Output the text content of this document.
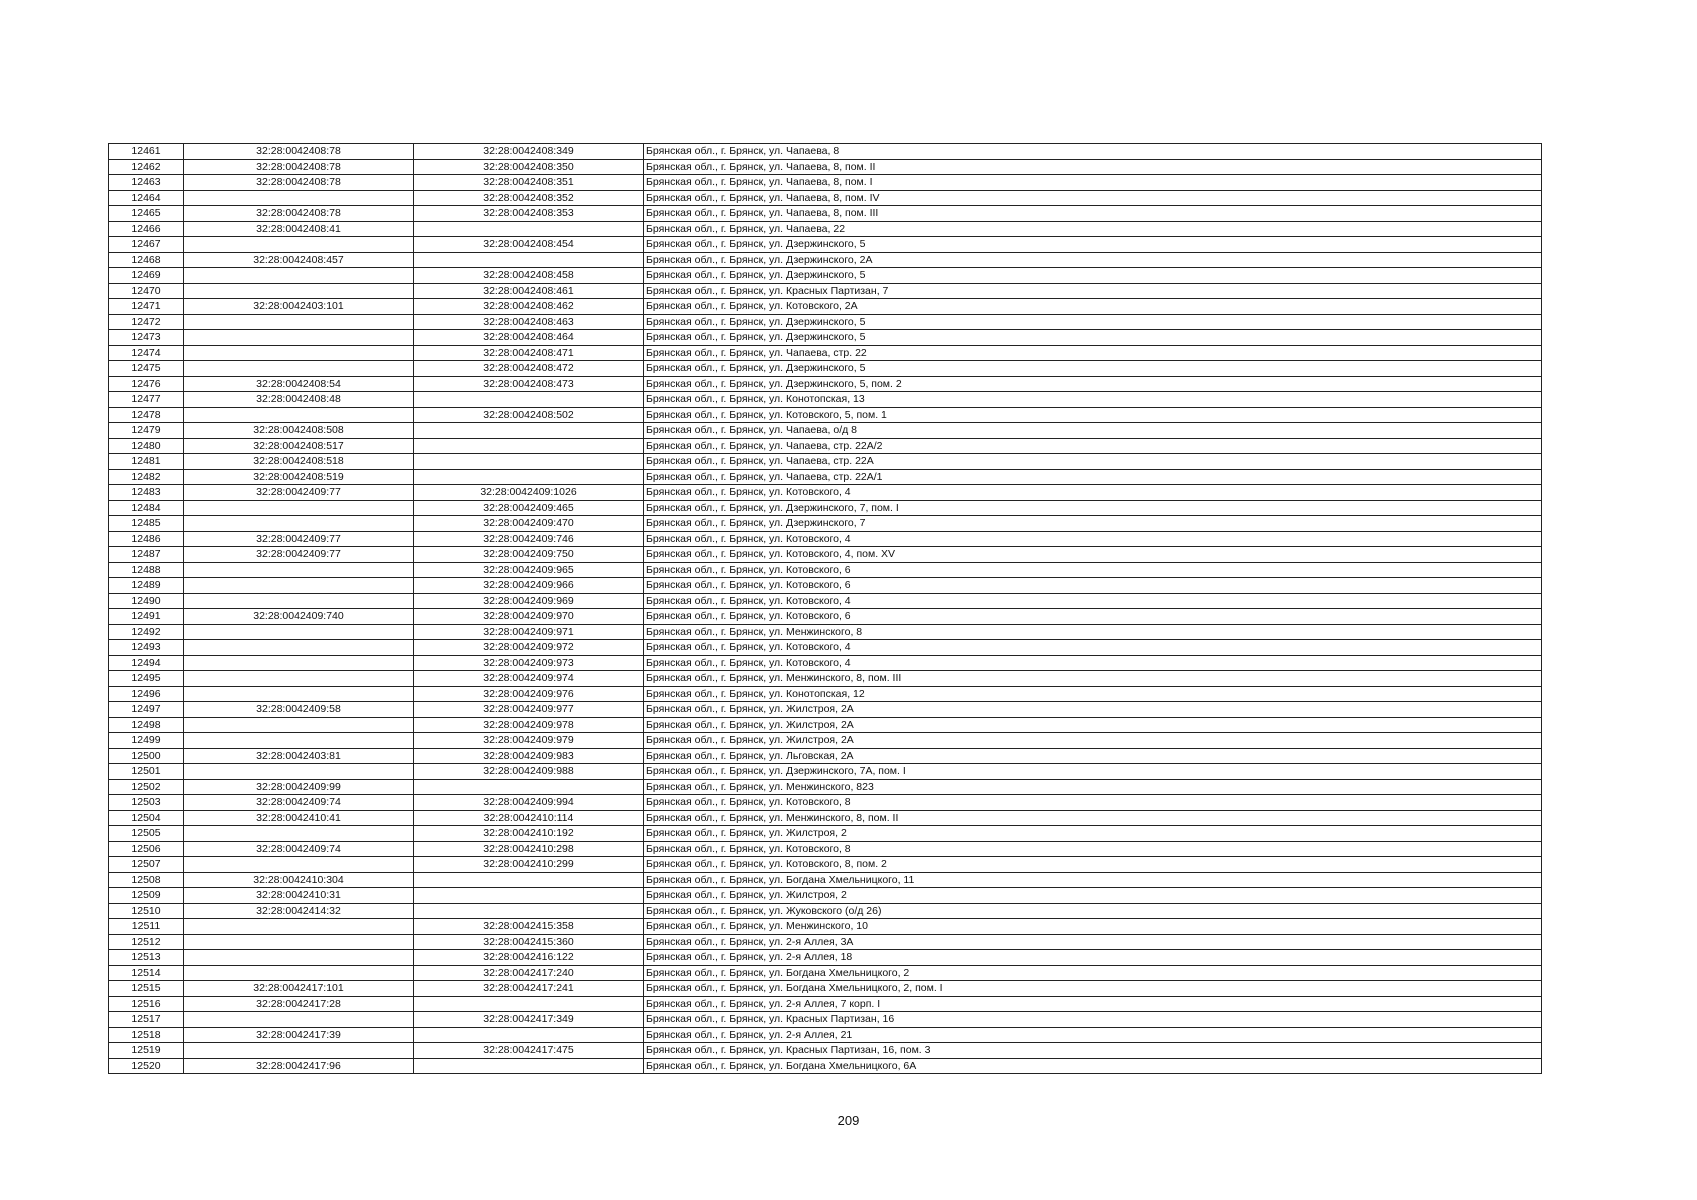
12461	32:28:0042408:78	32:28:0042408:349	Брянская обл., г. Брянск, ул. Чапаева, 8
12462	32:28:0042408:78	32:28:0042408:350	Брянская обл., г. Брянск, ул. Чапаева, 8, пом. II
12463	32:28:0042408:78	32:28:0042408:351	Брянская обл., г. Брянск, ул. Чапаева, 8, пом. I
12464		32:28:0042408:352	Брянская обл., г. Брянск, ул. Чапаева, 8, пом. IV
12465	32:28:0042408:78	32:28:0042408:353	Брянская обл., г. Брянск, ул. Чапаева, 8, пом. III
12466	32:28:0042408:41		Брянская обл., г. Брянск, ул. Чапаева, 22
12467		32:28:0042408:454	Брянская обл., г. Брянск, ул. Дзержинского, 5
12468	32:28:0042408:457		Брянская обл., г. Брянск, ул. Дзержинского, 2А
12469		32:28:0042408:458	Брянская обл., г. Брянск, ул. Дзержинского, 5
12470		32:28:0042408:461	Брянская обл., г. Брянск, ул. Красных Партизан, 7
12471	32:28:0042403:101	32:28:0042408:462	Брянская обл., г. Брянск, ул. Котовского, 2А
12472		32:28:0042408:463	Брянская обл., г. Брянск, ул. Дзержинского, 5
12473		32:28:0042408:464	Брянская обл., г. Брянск, ул. Дзержинского, 5
12474		32:28:0042408:471	Брянская обл., г. Брянск, ул. Чапаева, стр. 22
12475		32:28:0042408:472	Брянская обл., г. Брянск, ул. Дзержинского, 5
12476	32:28:0042408:54	32:28:0042408:473	Брянская обл., г. Брянск, ул. Дзержинского, 5, пом. 2
12477	32:28:0042408:48		Брянская обл., г. Брянск, ул. Конотопская, 13
12478		32:28:0042408:502	Брянская обл., г. Брянск, ул. Котовского, 5, пом. 1
12479	32:28:0042408:508		Брянская обл., г. Брянск, ул. Чапаева, о/д 8
12480	32:28:0042408:517		Брянская обл., г. Брянск, ул. Чапаева, стр. 22А/2
12481	32:28:0042408:518		Брянская обл., г. Брянск, ул. Чапаева, стр. 22А
12482	32:28:0042408:519		Брянская обл., г. Брянск, ул. Чапаева, стр. 22А/1
12483	32:28:0042409:77	32:28:0042409:1026	Брянская обл., г. Брянск, ул. Котовского, 4
12484		32:28:0042409:465	Брянская обл., г. Брянск, ул. Дзержинского, 7, пом. I
12485		32:28:0042409:470	Брянская обл., г. Брянск, ул. Дзержинского, 7
12486	32:28:0042409:77	32:28:0042409:746	Брянская обл., г. Брянск, ул. Котовского, 4
12487	32:28:0042409:77	32:28:0042409:750	Брянская обл., г. Брянск, ул. Котовского, 4, пом. XV
12488		32:28:0042409:965	Брянская обл., г. Брянск, ул. Котовского, 6
12489		32:28:0042409:966	Брянская обл., г. Брянск, ул. Котовского, 6
12490		32:28:0042409:969	Брянская обл., г. Брянск, ул. Котовского, 4
12491	32:28:0042409:740	32:28:0042409:970	Брянская обл., г. Брянск, ул. Котовского, 6
12492		32:28:0042409:971	Брянская обл., г. Брянск, ул. Менжинского, 8
12493		32:28:0042409:972	Брянская обл., г. Брянск, ул. Котовского, 4
12494		32:28:0042409:973	Брянская обл., г. Брянск, ул. Котовского, 4
12495		32:28:0042409:974	Брянская обл., г. Брянск, ул. Менжинского, 8, пом. III
12496		32:28:0042409:976	Брянская обл., г. Брянск, ул. Конотопская, 12
12497	32:28:0042409:58	32:28:0042409:977	Брянская обл., г. Брянск, ул. Жилстроя, 2А
12498		32:28:0042409:978	Брянская обл., г. Брянск, ул. Жилстроя, 2А
12499		32:28:0042409:979	Брянская обл., г. Брянск, ул. Жилстроя, 2А
12500	32:28:0042403:81	32:28:0042409:983	Брянская обл., г. Брянск, ул. Льговская, 2А
12501		32:28:0042409:988	Брянская обл., г. Брянск, ул. Дзержинского, 7А, пом. I
12502	32:28:0042409:99		Брянская обл., г. Брянск, ул. Менжинского, 823
12503	32:28:0042409:74	32:28:0042409:994	Брянская обл., г. Брянск, ул. Котовского, 8
12504	32:28:0042410:41	32:28:0042410:114	Брянская обл., г. Брянск, ул. Менжинского, 8, пом. II
12505		32:28:0042410:192	Брянская обл., г. Брянск, ул. Жилстроя, 2
12506	32:28:0042409:74	32:28:0042410:298	Брянская обл., г. Брянск, ул. Котовского, 8
12507		32:28:0042410:299	Брянская обл., г. Брянск, ул. Котовского, 8, пом. 2
12508	32:28:0042410:304		Брянская обл., г. Брянск, ул. Богдана Хмельницкого, 11
12509	32:28:0042410:31		Брянская обл., г. Брянск, ул. Жилстроя, 2
12510	32:28:0042414:32		Брянская обл., г. Брянск, ул. Жуковского (о/д 26)
12511		32:28:0042415:358	Брянская обл., г. Брянск, ул. Менжинского, 10
12512		32:28:0042415:360	Брянская обл., г. Брянск, ул. 2-я Аллея, 3А
12513		32:28:0042416:122	Брянская обл., г. Брянск, ул. 2-я Аллея, 18
12514		32:28:0042417:240	Брянская обл., г. Брянск, ул. Богдана Хмельницкого, 2
12515	32:28:0042417:101	32:28:0042417:241	Брянская обл., г. Брянск, ул. Богдана Хмельницкого, 2, пом. I
12516	32:28:0042417:28		Брянская обл., г. Брянск, ул. 2-я Аллея, 7 корп. I
12517		32:28:0042417:349	Брянская обл., г. Брянск, ул. Красных Партизан, 16
12518	32:28:0042417:39		Брянская обл., г. Брянск, ул. 2-я Аллея, 21
12519		32:28:0042417:475	Брянская обл., г. Брянск, ул. Красных Партизан, 16, пом. 3
12520	32:28:0042417:96		Брянская обл., г. Брянск, ул. Богдана Хмельницкого, 6А
209
